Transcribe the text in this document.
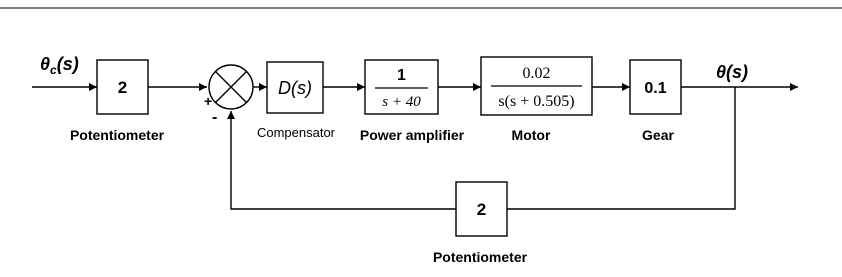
$\theta_c(s)$
2
Potentiometer
+
-
D(s)
Compensator
1
s + 40
Power amplifier
0.02
s(s + 0.505)
Motor
0.1
Gear
θ(s)
2
Potentiometer
